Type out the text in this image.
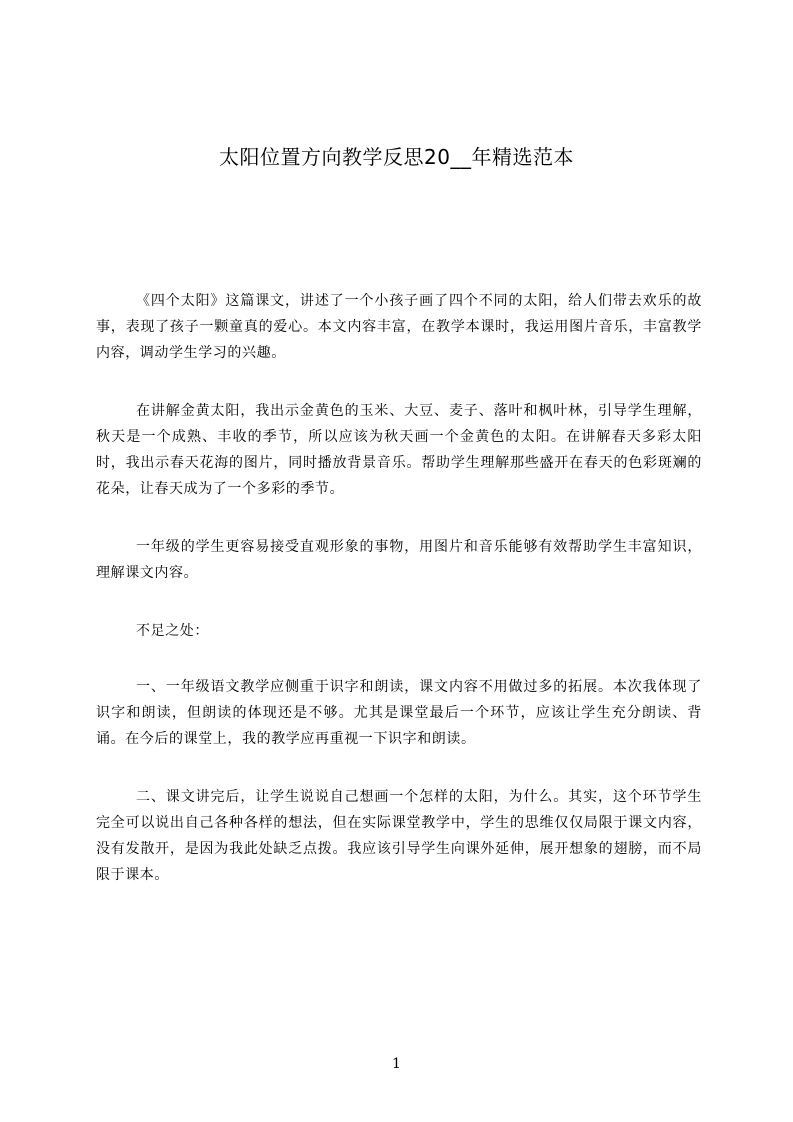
太阳位置方向教学反思20__年精选范本

《四个太阳》这篇课文，讲述了一个小孩子画了四个不同的太阳，给人们带去欢乐的故事，表现了孩子一颗童真的爱心。本文内容丰富，在教学本课时，我运用图片音乐，丰富教学内容，调动学生学习的兴趣。

在讲解金黄太阳，我出示金黄色的玉米、大豆、麦子、落叶和枫叶林，引导学生理解，秋天是一个成熟、丰收的季节，所以应该为秋天画一个金黄色的太阳。在讲解春天多彩太阳时，我出示春天花海的图片，同时播放背景音乐。帮助学生理解那些盛开在春天的色彩斑斓的花朵，让春天成为了一个多彩的季节。

一年级的学生更容易接受直观形象的事物，用图片和音乐能够有效帮助学生丰富知识，理解课文内容。

不足之处：

一、一年级语文教学应侧重于识字和朗读，课文内容不用做过多的拓展。本次我体现了识字和朗读，但朗读的体现还是不够。尤其是课堂最后一个环节，应该让学生充分朗读、背诵。在今后的课堂上，我的教学应再重视一下识字和朗读。

二、课文讲完后，让学生说说自己想画一个怎样的太阳，为什么。其实，这个环节学生完全可以说出自己各种各样的想法，但在实际课堂教学中，学生的思维仅仅局限于课文内容，没有发散开，是因为我此处缺乏点拨。我应该引导学生向课外延伸，展开想象的翅膀，而不局限于课本。

1
